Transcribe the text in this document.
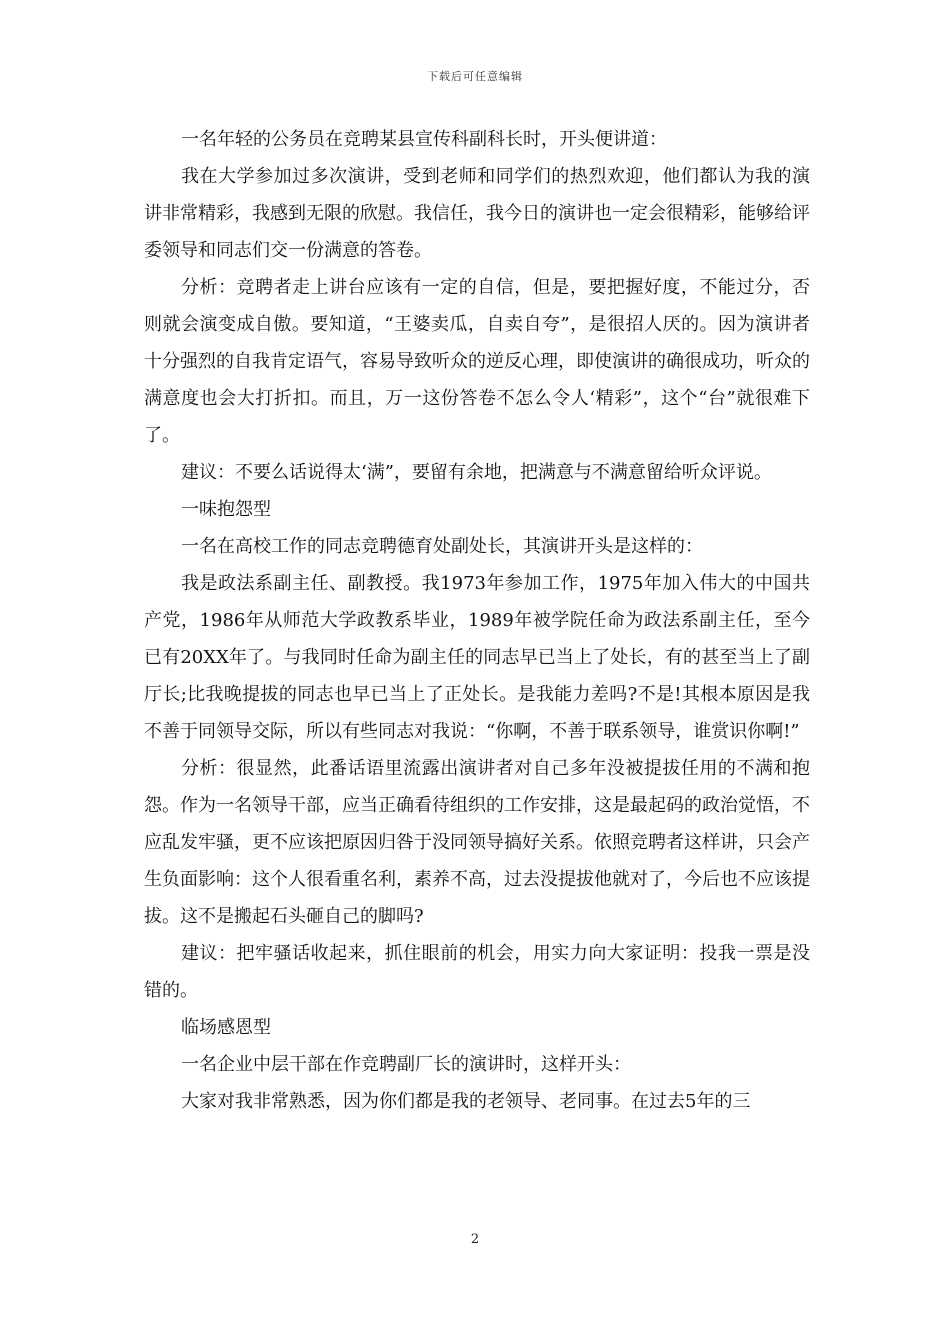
下载后可任意编辑

一名年轻的公务员在竞聘某县宣传科副科长时，开头便讲道：

我在大学参加过多次演讲，受到老师和同学们的热烈欢迎，他们都认为我的演讲非常精彩，我感到无限的欣慰。我信任，我今日的演讲也一定会很精彩，能够给评委领导和同志们交一份满意的答卷。

分析：竞聘者走上讲台应该有一定的自信，但是，要把握好度，不能过分，否则就会演变成自傲。要知道，“王婆卖瓜，自卖自夸”，是很招人厌的。因为演讲者十分强烈的自我肯定语气，容易导致听众的逆反心理，即使演讲的确很成功，听众的满意度也会大打折扣。而且，万一这份答卷不怎么令人‘精彩”，这个“台”就很难下了。

建议：不要么话说得太‘满”，要留有余地，把满意与不满意留给听众评说。

一味抱怨型

一名在高校工作的同志竞聘德育处副处长，其演讲开头是这样的：

我是政法系副主任、副教授。我1973年参加工作，1975年加入伟大的中国共产党，1986年从师范大学政教系毕业，1989年被学院任命为政法系副主任，至今已有20XX年了。与我同时任命为副主任的同志早已当上了处长，有的甚至当上了副厅长;比我晚提拔的同志也早已当上了正处长。是我能力差吗?不是!其根本原因是我不善于同领导交际，所以有些同志对我说：“你啊，不善于联系领导，谁赏识你啊!”

分析：很显然，此番话语里流露出演讲者对自己多年没被提拔任用的不满和抱怨。作为一名领导干部，应当正确看待组织的工作安排，这是最起码的政治觉悟，不应乱发牢骚，更不应该把原因归咎于没同领导搞好关系。依照竞聘者这样讲，只会产生负面影响：这个人很看重名利，素养不高，过去没提拔他就对了，今后也不应该提拔。这不是搬起石头砸自己的脚吗?

建议：把牢骚话收起来，抓住眼前的机会，用实力向大家证明：投我一票是没错的。

临场感恩型

一名企业中层干部在作竞聘副厂长的演讲时，这样开头：

大家对我非常熟悉，因为你们都是我的老领导、老同事。在过去5年的三

2
